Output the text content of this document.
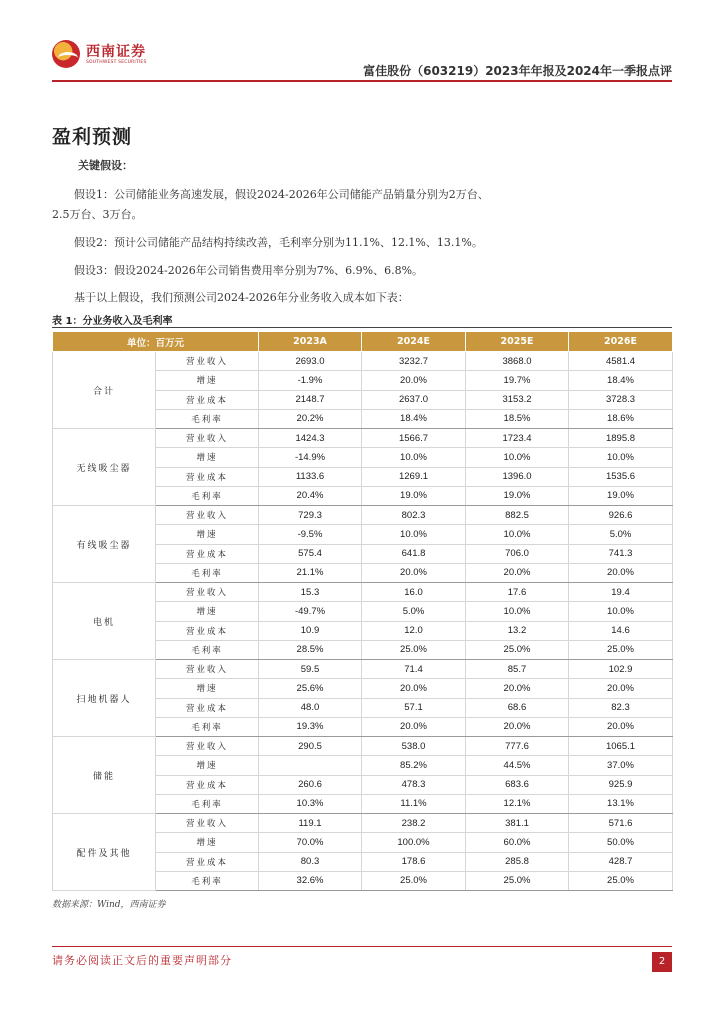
西南证券
SOUTHWEST SECURITIES
富佳股份（603219）2023年年报及2024年一季报点评
盈利预测
关键假设：
假设1：公司储能业务高速发展，假设2024-2026年公司储能产品销量分别为2万台、
2.5万台、3万台。
假设2：预计公司储能产品结构持续改善，毛利率分别为11.1%、12.1%、13.1%。
假设3：假设2024-2026年公司销售费用率分别为7%、6.9%、6.8%。
基于以上假设，我们预测公司2024-2026年分业务收入成本如下表：
表 1：分业务收入及毛利率
单位：百万元		2023A	2024E	2025E	2026E
合计	营业收入	2693.0	3232.7	3868.0	4581.4
	增速	-1.9%	20.0%	19.7%	18.4%
	营业成本	2148.7	2637.0	3153.2	3728.3
	毛利率	20.2%	18.4%	18.5%	18.6%
无线吸尘器	营业收入	1424.3	1566.7	1723.4	1895.8
	增速	-14.9%	10.0%	10.0%	10.0%
	营业成本	1133.6	1269.1	1396.0	1535.6
	毛利率	20.4%	19.0%	19.0%	19.0%
有线吸尘器	营业收入	729.3	802.3	882.5	926.6
	增速	-9.5%	10.0%	10.0%	5.0%
	营业成本	575.4	641.8	706.0	741.3
	毛利率	21.1%	20.0%	20.0%	20.0%
电机	营业收入	15.3	16.0	17.6	19.4
	增速	-49.7%	5.0%	10.0%	10.0%
	营业成本	10.9	12.0	13.2	14.6
	毛利率	28.5%	25.0%	25.0%	25.0%
扫地机器人	营业收入	59.5	71.4	85.7	102.9
	增速	25.6%	20.0%	20.0%	20.0%
	营业成本	48.0	57.1	68.6	82.3
	毛利率	19.3%	20.0%	20.0%	20.0%
储能	营业收入	290.5	538.0	777.6	1065.1
	增速		85.2%	44.5%	37.0%
	营业成本	260.6	478.3	683.6	925.9
	毛利率	10.3%	11.1%	12.1%	13.1%
配件及其他	营业收入	119.1	238.2	381.1	571.6
	增速	70.0%	100.0%	60.0%	50.0%
	营业成本	80.3	178.6	285.8	428.7
	毛利率	32.6%	25.0%	25.0%	25.0%
数据来源：Wind，西南证券
请务必阅读正文后的重要声明部分	2
